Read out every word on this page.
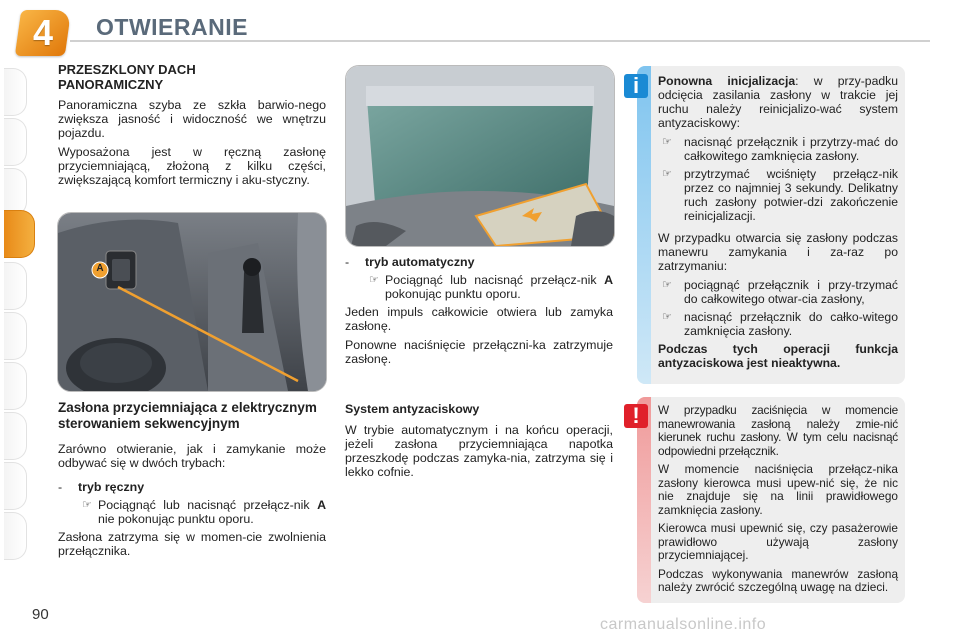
4	OTWIERANIE
PRZESZKLONY DACH PANORAMICZNY

Panoramiczna szyba ze szkła barwio-nego zwiększa jasność i widoczność we wnętrzu pojazdu.

Wyposażona jest w ręczną zasłonę przyciemniającą, złożoną z kilku części, zwiększającą komfort termiczny i aku-styczny.

A
Zasłona przyciemniająca z elektrycznym sterowaniem sekwencyjnym

Zarówno otwieranie, jak i zamykanie może odbywać się w dwóch trybach:

-	tryb ręczny
☞ Pociągnąć lub nacisnąć przełącz-nik A nie pokonując punktu oporu.

Zasłona zatrzyma się w momen-cie zwolnienia przełącznika.

-	tryb automatyczny
☞ Pociągnąć lub nacisnąć przełącz-nik A pokonując punktu oporu.

Jeden impuls całkowicie otwiera lub zamyka zasłonę.

Ponowne naciśnięcie przełączni-ka zatrzymuje zasłonę.

System antyzaciskowy

W trybie automatycznym i na końcu operacji, jeżeli zasłona przyciemniająca napotka przeszkodę podczas zamyka-nia, zatrzyma się i lekko cofnie.

i	Ponowna inicjalizacja: w przy-padku odcięcia zasilania zasłony w trakcie jej ruchu należy reinicjalizo-wać system antyzaciskowy:

☞ nacisnąć przełącznik i przytrzy-mać do całkowitego zamknięcia zasłony.
☞ przytrzymać wciśnięty przełącz-nik przez co najmniej 3 sekundy. Delikatny ruch zasłony potwier-dzi zakończenie reinicjalizacji.

W przypadku otwarcia się zasłony podczas manewru zamykania i za-raz po zatrzymaniu:

☞ pociągnąć przełącznik i przy-trzymać do całkowitego otwar-cia zasłony,
☞ nacisnąć przełącznik do całko-witego zamknięcia zasłony.

Podczas tych operacji funkcja antyzaciskowa jest nieaktywna.

!	W przypadku zaciśnięcia w momencie manewrowania zasłoną należy zmie-nić kierunek ruchu zasłony. W tym celu nacisnąć odpowiedni przełącznik.

W momencie naciśnięcia przełącz-nika zasłony kierowca musi upew-nić się, że nic nie znajduje się na linii prawidłowego zamknięcia zasłony.

Kierowca musi upewnić się, czy pasażerowie prawidłowo używają zasłony przyciemniającej.

Podczas wykonywania manewrów zasłoną należy zwrócić szczególną uwagę na dzieci.

90
carmanualsonline.info
